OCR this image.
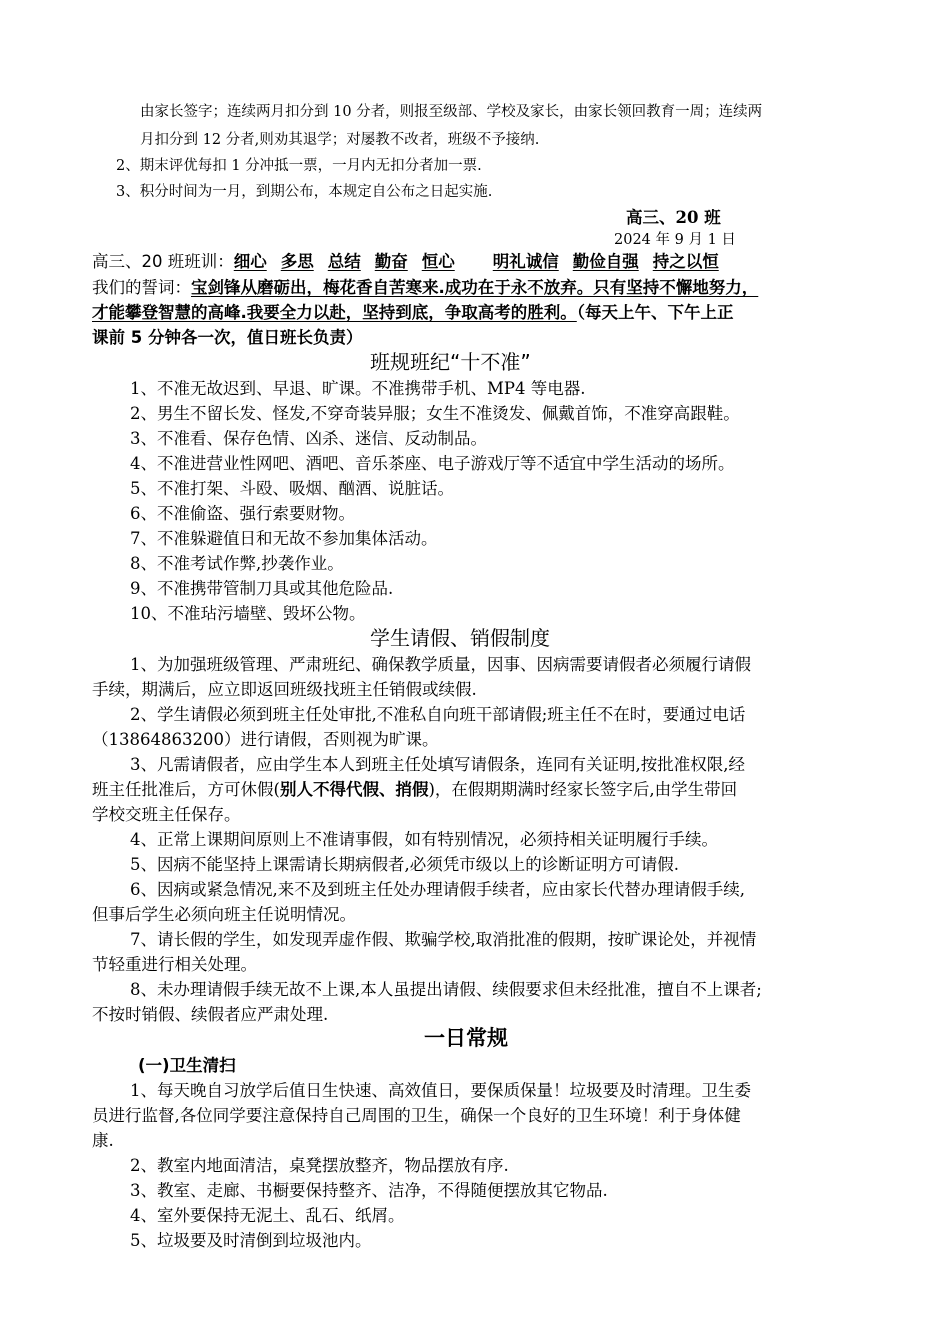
由家长签字；连续两月扣分到 10 分者，则报至级部、学校及家长，由家长领回教育一周；连续两
月扣分到 12 分者,则劝其退学；对屡教不改者，班级不予接纳.
2、期末评优每扣 1 分冲抵一票，一月内无扣分者加一票.
3、积分时间为一月，到期公布，本规定自公布之日起实施.
高三、20 班
2024 年 9 月 1 日
高三、20 班班训：细心 多思 总结 勤奋 恒心 明礼诚信 勤俭自强 持之以恒
我们的誓词：宝剑锋从磨砺出，梅花香自苦寒来.成功在于永不放弃。只有坚持不懈地努力，
才能攀登智慧的高峰.我要全力以赴，坚持到底，争取高考的胜利。（每天上午、下午上正
课前 5 分钟各一次，值日班长负责）
班规班纪“十不准”
1、不准无故迟到、早退、旷课。不准携带手机、MP4 等电器.
2、男生不留长发、怪发,不穿奇装异服；女生不准烫发、佩戴首饰，不准穿高跟鞋。
3、不准看、保存色情、凶杀、迷信、反动制品。
4、不准进营业性网吧、酒吧、音乐茶座、电子游戏厅等不适宜中学生活动的场所。
5、不准打架、斗殴、吸烟、酗酒、说脏话。
6、不准偷盗、强行索要财物。
7、不准躲避值日和无故不参加集体活动。
8、不准考试作弊,抄袭作业。
9、不准携带管制刀具或其他危险品.
10、不准玷污墙壁、毁坏公物。
学生请假、销假制度
1、为加强班级管理、严肃班纪、确保教学质量，因事、因病需要请假者必须履行请假
手续，期满后，应立即返回班级找班主任销假或续假.
2、学生请假必须到班主任处审批,不准私自向班干部请假;班主任不在时，要通过电话
（13864863200）进行请假，否则视为旷课。
3、凡需请假者，应由学生本人到班主任处填写请假条，连同有关证明,按批准权限,经
班主任批准后，方可休假(别人不得代假、捎假)，在假期期满时经家长签字后,由学生带回
学校交班主任保存。
4、正常上课期间原则上不准请事假，如有特别情况，必须持相关证明履行手续。
5、因病不能坚持上课需请长期病假者,必须凭市级以上的诊断证明方可请假.
6、因病或紧急情况,来不及到班主任处办理请假手续者，应由家长代替办理请假手续,
但事后学生必须向班主任说明情况。
7、请长假的学生，如发现弄虚作假、欺骗学校,取消批准的假期，按旷课论处，并视情
节轻重进行相关处理。
8、未办理请假手续无故不上课,本人虽提出请假、续假要求但未经批准，擅自不上课者;
不按时销假、续假者应严肃处理.
一日常规
(一)卫生清扫
1、每天晚自习放学后值日生快速、高效值日，要保质保量！垃圾要及时清理。卫生委
员进行监督,各位同学要注意保持自己周围的卫生，确保一个良好的卫生环境！利于身体健
康.
2、教室内地面清洁，桌凳摆放整齐，物品摆放有序.
3、教室、走廊、书橱要保持整齐、洁净，不得随便摆放其它物品.
4、室外要保持无泥土、乱石、纸屑。
5、垃圾要及时清倒到垃圾池内。
